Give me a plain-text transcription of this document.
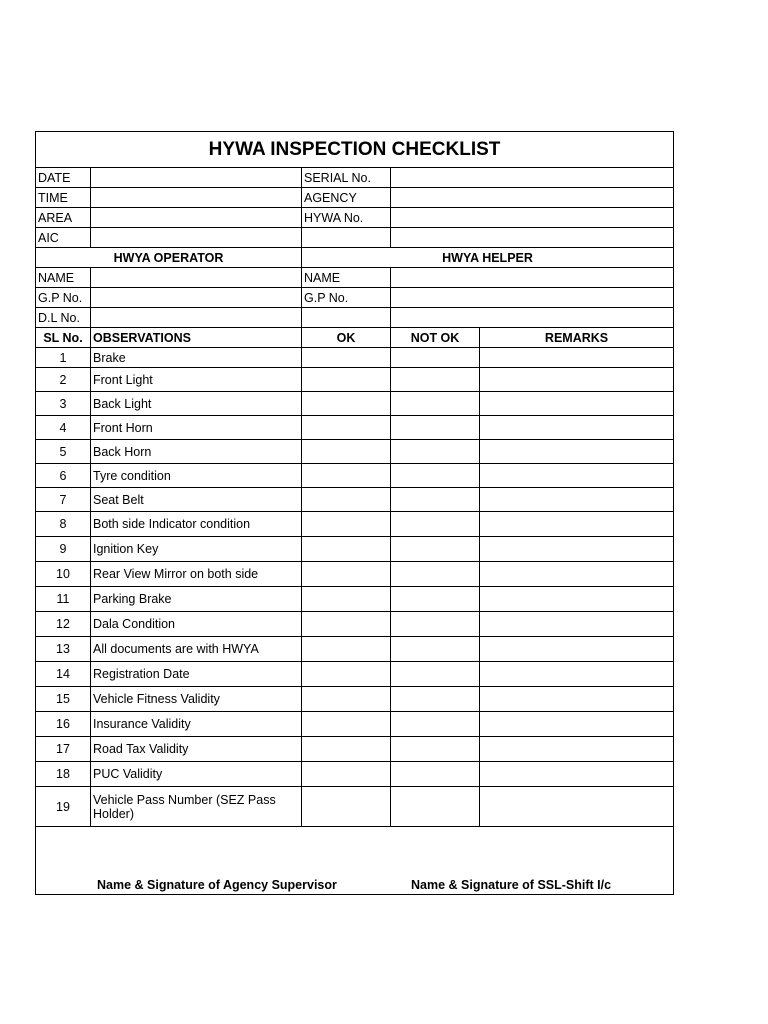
HYWA INSPECTION CHECKLIST				
DATE		SERIAL No.		
TIME		AGENCY		
AREA		HYWA No.		
AIC				
HWYA OPERATOR		HWYA HELPER		
NAME		NAME		
G.P No.		G.P No.		
D.L No.				
SL No.	OBSERVATIONS	OK	NOT OK	REMARKS
1	Brake			
2	Front Light			
3	Back Light			
4	Front Horn			
5	Back Horn			
6	Tyre condition			
7	Seat Belt			
8	Both side Indicator condition			
9	Ignition Key			
10	Rear View Mirror on both side			
11	Parking Brake			
12	Dala Condition			
13	All documents are with HWYA			
14	Registration Date			
15	Vehicle Fitness Validity			
16	Insurance Validity			
17	Road Tax Validity			
18	PUC Validity			
19	Vehicle Pass Number (SEZ Pass Holder)			

Name & Signature of Agency Supervisor Name & Signature of SSL-Shift I/c				
